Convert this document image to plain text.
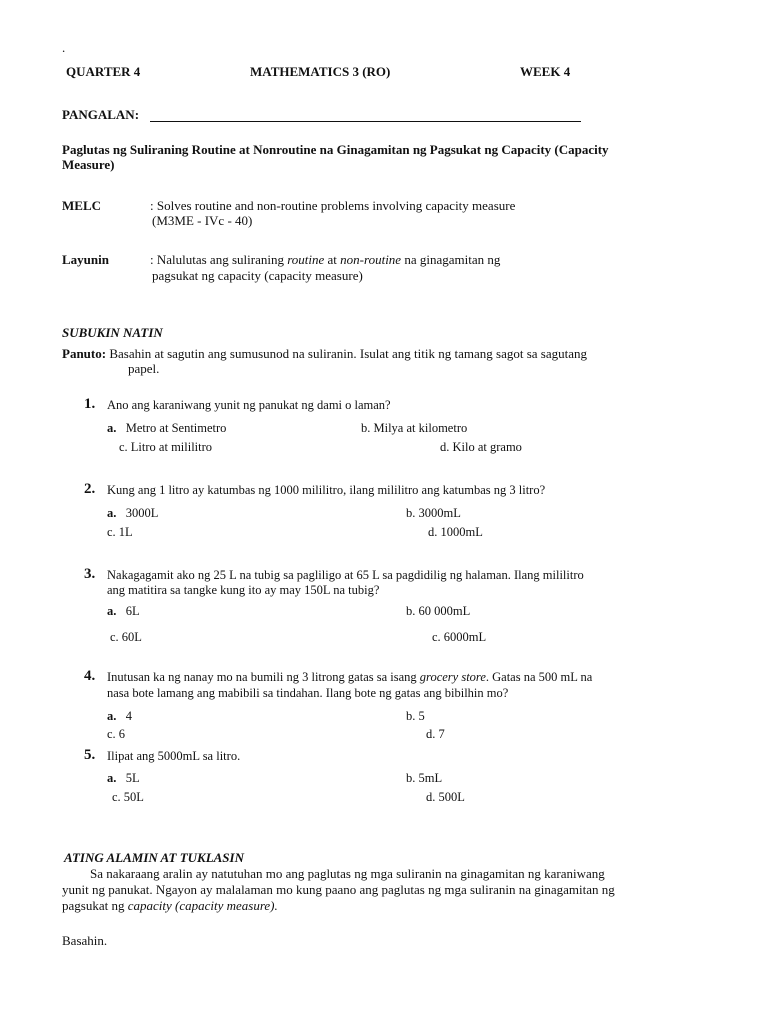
.
QUARTER 4	MATHEMATICS 3 (RO)	WEEK 4
PANGALAN:
Paglutas ng Suliraning Routine at Nonroutine na Ginagamitan ng Pagsukat ng Capacity (Capacity
Measure)
MELC	: Solves routine and non-routine problems involving capacity measure
(M3ME - IVc - 40)
Layunin	: Nalulutas ang suliraning routine at non-routine na ginagamitan ng
pagsukat ng capacity (capacity measure)
SUBUKIN NATIN
Panuto: Basahin at sagutin ang sumusunod na suliranin. Isulat ang titik ng tamang sagot sa sagutang
papel.
1. Ano ang karaniwang yunit ng panukat ng dami o laman?
a. Metro at Sentimetro	b. Milya at kilometro
c. Litro at mililitro	d. Kilo at gramo
2. Kung ang 1 litro ay katumbas ng 1000 mililitro, ilang mililitro ang katumbas ng 3 litro?
a. 3000L	b. 3000mL
c. 1L	d. 1000mL
3. Nakagagamit ako ng 25 L na tubig sa pagliligo at 65 L sa pagdidilig ng halaman. Ilang mililitro
ang matitira sa tangke kung ito ay may 150L na tubig?
a. 6L	b. 60 000mL
c. 60L	c. 6000mL
4. Inutusan ka ng nanay mo na bumili ng 3 litrong gatas sa isang grocery store. Gatas na 500 mL na
nasa bote lamang ang mabibili sa tindahan. Ilang bote ng gatas ang bibilhin mo?
a. 4	b. 5
c. 6	d. 7
5. Ilipat ang 5000mL sa litro.
a. 5L	b. 5mL
c. 50L	d. 500L
ATING ALAMIN AT TUKLASIN
Sa nakaraang aralin ay natutuhan mo ang paglutas ng mga suliranin na ginagamitan ng karaniwang
yunit ng panukat. Ngayon ay malalaman mo kung paano ang paglutas ng mga suliranin na ginagamitan ng
pagsukat ng capacity (capacity measure).
Basahin.
